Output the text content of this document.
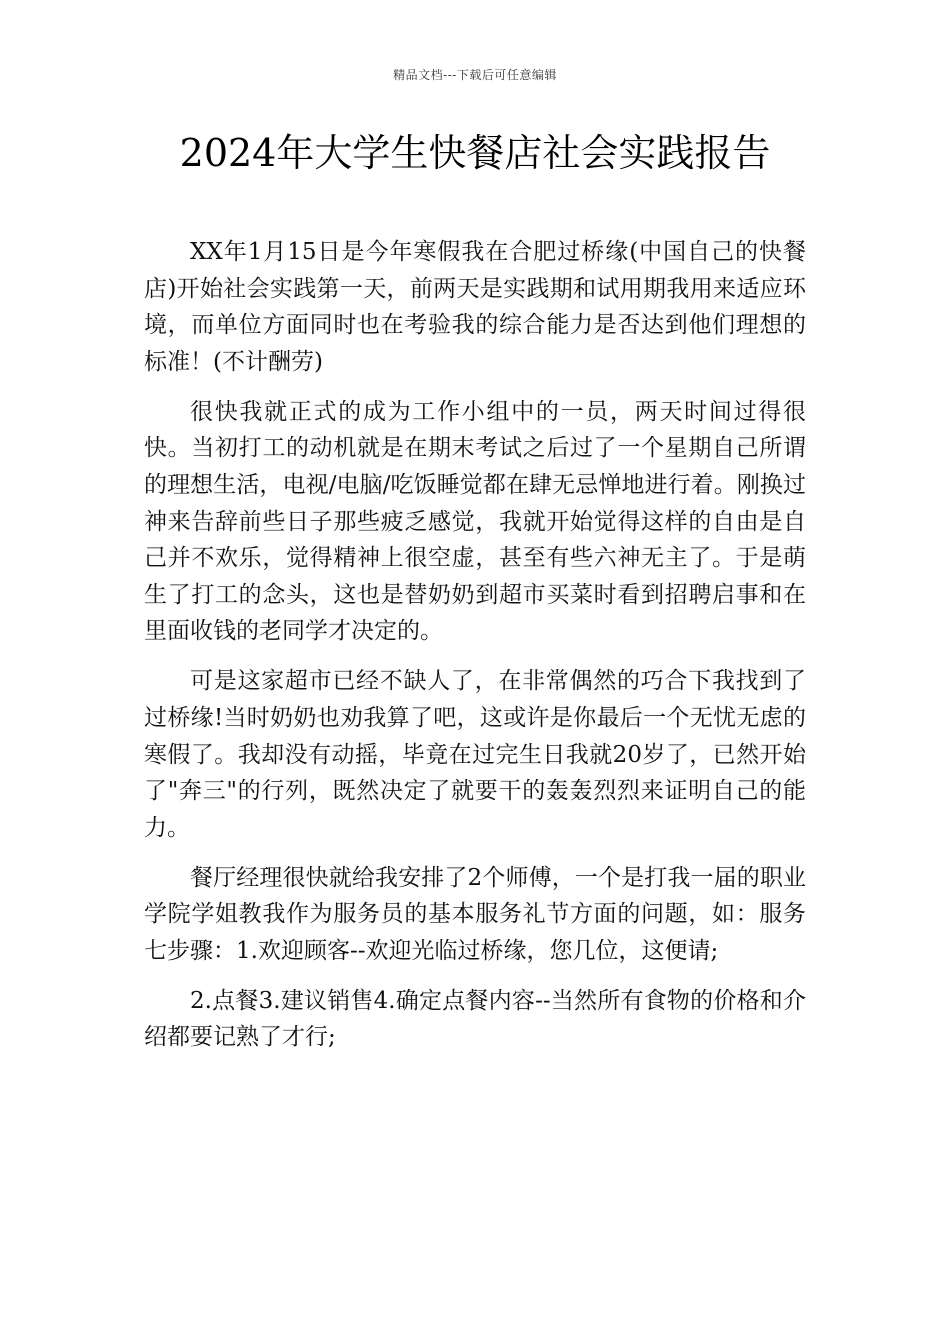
精品文档---下载后可任意编辑
2024年大学生快餐店社会实践报告

XX年1月15日是今年寒假我在合肥过桥缘(中国自己的快餐店)开始社会实践第一天，前两天是实践期和试用期我用来适应环境，而单位方面同时也在考验我的综合能力是否达到他们理想的标准！(不计酬劳)

很快我就正式的成为工作小组中的一员，两天时间过得很快。当初打工的动机就是在期末考试之后过了一个星期自己所谓的理想生活，电视/电脑/吃饭睡觉都在肆无忌惮地进行着。刚换过神来告辞前些日子那些疲乏感觉，我就开始觉得这样的自由是自己并不欢乐，觉得精神上很空虚，甚至有些六神无主了。于是萌生了打工的念头，这也是替奶奶到超市买菜时看到招聘启事和在里面收钱的老同学才决定的。

可是这家超市已经不缺人了，在非常偶然的巧合下我找到了过桥缘!当时奶奶也劝我算了吧，这或许是你最后一个无忧无虑的寒假了。我却没有动摇，毕竟在过完生日我就20岁了，已然开始了"奔三"的行列，既然决定了就要干的轰轰烈烈来证明自己的能力。

餐厅经理很快就给我安排了2个师傅，一个是打我一届的职业学院学姐教我作为服务员的基本服务礼节方面的问题，如：服务七步骤：1.欢迎顾客--欢迎光临过桥缘，您几位，这便请;

2.点餐3.建议销售4.确定点餐内容--当然所有食物的价格和介绍都要记熟了才行;
